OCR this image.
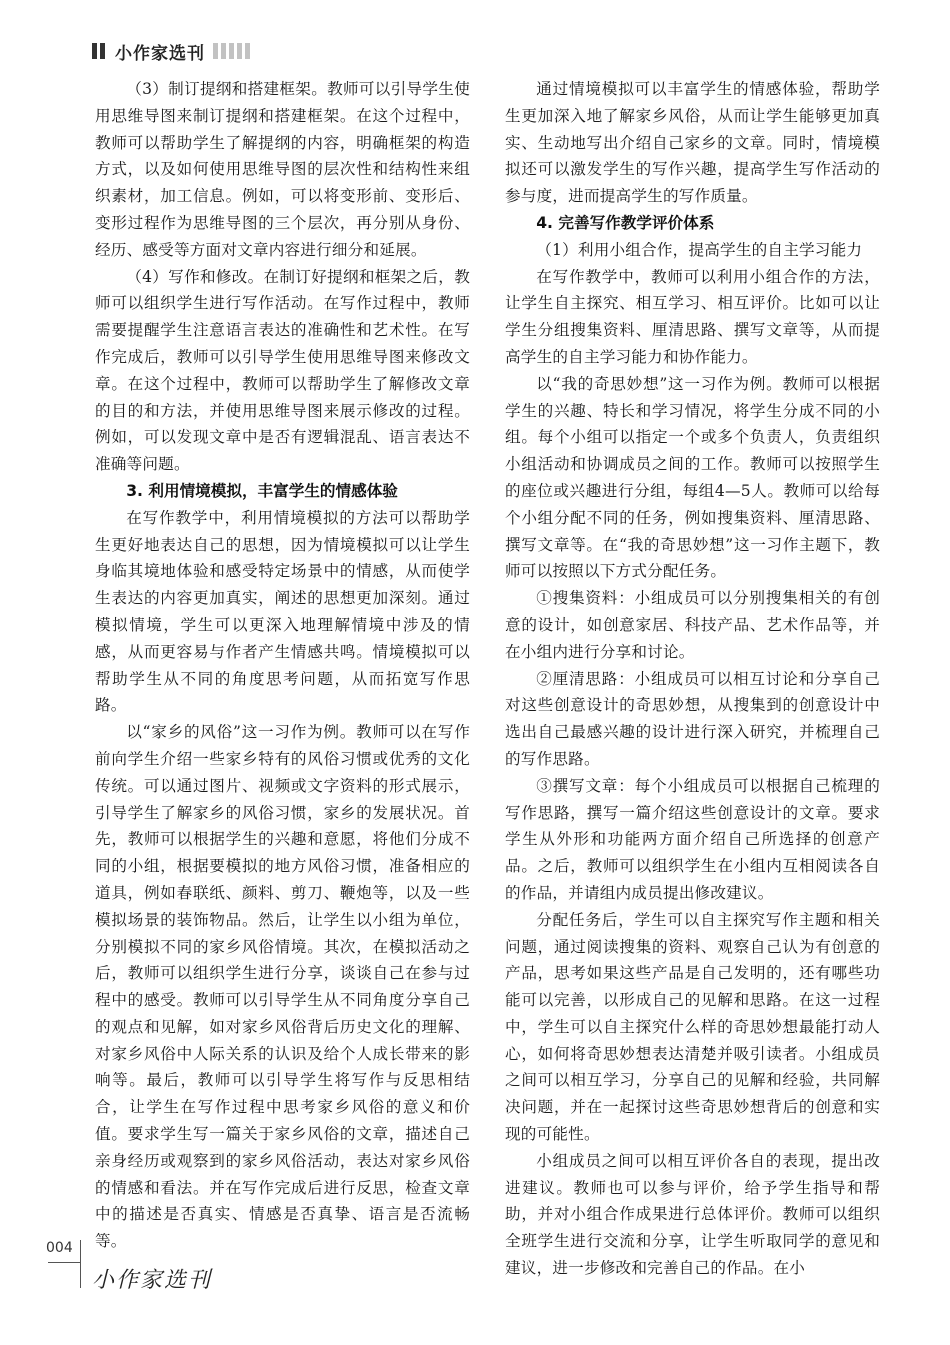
小作家选刊

（3）制订提纲和搭建框架。教师可以引导学生使用思维导图来制订提纲和搭建框架。在这个过程中，教师可以帮助学生了解提纲的内容，明确框架的构造方式，以及如何使用思维导图的层次性和结构性来组织素材，加工信息。例如，可以将变形前、变形后、变形过程作为思维导图的三个层次，再分别从身份、经历、感受等方面对文章内容进行细分和延展。

（4）写作和修改。在制订好提纲和框架之后，教师可以组织学生进行写作活动。在写作过程中，教师需要提醒学生注意语言表达的准确性和艺术性。在写作完成后，教师可以引导学生使用思维导图来修改文章。在这个过程中，教师可以帮助学生了解修改文章的目的和方法，并使用思维导图来展示修改的过程。例如，可以发现文章中是否有逻辑混乱、语言表达不准确等问题。

3. 利用情境模拟，丰富学生的情感体验

在写作教学中，利用情境模拟的方法可以帮助学生更好地表达自己的思想，因为情境模拟可以让学生身临其境地体验和感受特定场景中的情感，从而使学生表达的内容更加真实，阐述的思想更加深刻。通过模拟情境，学生可以更深入地理解情境中涉及的情感，从而更容易与作者产生情感共鸣。情境模拟可以帮助学生从不同的角度思考问题，从而拓宽写作思路。

以“家乡的风俗”这一习作为例。教师可以在写作前向学生介绍一些家乡特有的风俗习惯或优秀的文化传统。可以通过图片、视频或文字资料的形式展示，引导学生了解家乡的风俗习惯，家乡的发展状况。首先，教师可以根据学生的兴趣和意愿，将他们分成不同的小组，根据要模拟的地方风俗习惯，准备相应的道具，例如春联纸、颜料、剪刀、鞭炮等，以及一些模拟场景的装饰物品。然后，让学生以小组为单位，分别模拟不同的家乡风俗情境。其次，在模拟活动之后，教师可以组织学生进行分享，谈谈自己在参与过程中的感受。教师可以引导学生从不同角度分享自己的观点和见解，如对家乡风俗背后历史文化的理解、对家乡风俗中人际关系的认识及给个人成长带来的影响等。最后，教师可以引导学生将写作与反思相结合，让学生在写作过程中思考家乡风俗的意义和价值。要求学生写一篇关于家乡风俗的文章，描述自己亲身经历或观察到的家乡风俗活动，表达对家乡风俗的情感和看法。并在写作完成后进行反思，检查文章中的描述是否真实、情感是否真挚、语言是否流畅等。

通过情境模拟可以丰富学生的情感体验，帮助学生更加深入地了解家乡风俗，从而让学生能够更加真实、生动地写出介绍自己家乡的文章。同时，情境模拟还可以激发学生的写作兴趣，提高学生写作活动的参与度，进而提高学生的写作质量。

4. 完善写作教学评价体系

（1）利用小组合作，提高学生的自主学习能力

在写作教学中，教师可以利用小组合作的方法，让学生自主探究、相互学习、相互评价。比如可以让学生分组搜集资料、厘清思路、撰写文章等，从而提高学生的自主学习能力和协作能力。

以“我的奇思妙想”这一习作为例。教师可以根据学生的兴趣、特长和学习情况，将学生分成不同的小组。每个小组可以指定一个或多个负责人，负责组织小组活动和协调成员之间的工作。教师可以按照学生的座位或兴趣进行分组，每组4—5人。教师可以给每个小组分配不同的任务，例如搜集资料、厘清思路、撰写文章等。在“我的奇思妙想”这一习作主题下，教师可以按照以下方式分配任务。

①搜集资料：小组成员可以分别搜集相关的有创意的设计，如创意家居、科技产品、艺术作品等，并在小组内进行分享和讨论。

②厘清思路：小组成员可以相互讨论和分享自己对这些创意设计的奇思妙想，从搜集到的创意设计中选出自己最感兴趣的设计进行深入研究，并梳理自己的写作思路。

③撰写文章：每个小组成员可以根据自己梳理的写作思路，撰写一篇介绍这些创意设计的文章。要求学生从外形和功能两方面介绍自己所选择的创意产品。之后，教师可以组织学生在小组内互相阅读各自的作品，并请组内成员提出修改建议。

分配任务后，学生可以自主探究写作主题和相关问题，通过阅读搜集的资料、观察自己认为有创意的产品，思考如果这些产品是自己发明的，还有哪些功能可以完善，以形成自己的见解和思路。在这一过程中，学生可以自主探究什么样的奇思妙想最能打动人心，如何将奇思妙想表达清楚并吸引读者。小组成员之间可以相互学习，分享自己的见解和经验，共同解决问题，并在一起探讨这些奇思妙想背后的创意和实现的可能性。

小组成员之间可以相互评价各自的表现，提出改进建议。教师也可以参与评价，给予学生指导和帮助，并对小组合作成果进行总体评价。教师可以组织全班学生进行交流和分享，让学生听取同学的意见和建议，进一步修改和完善自己的作品。在小

004
小作家选刊
